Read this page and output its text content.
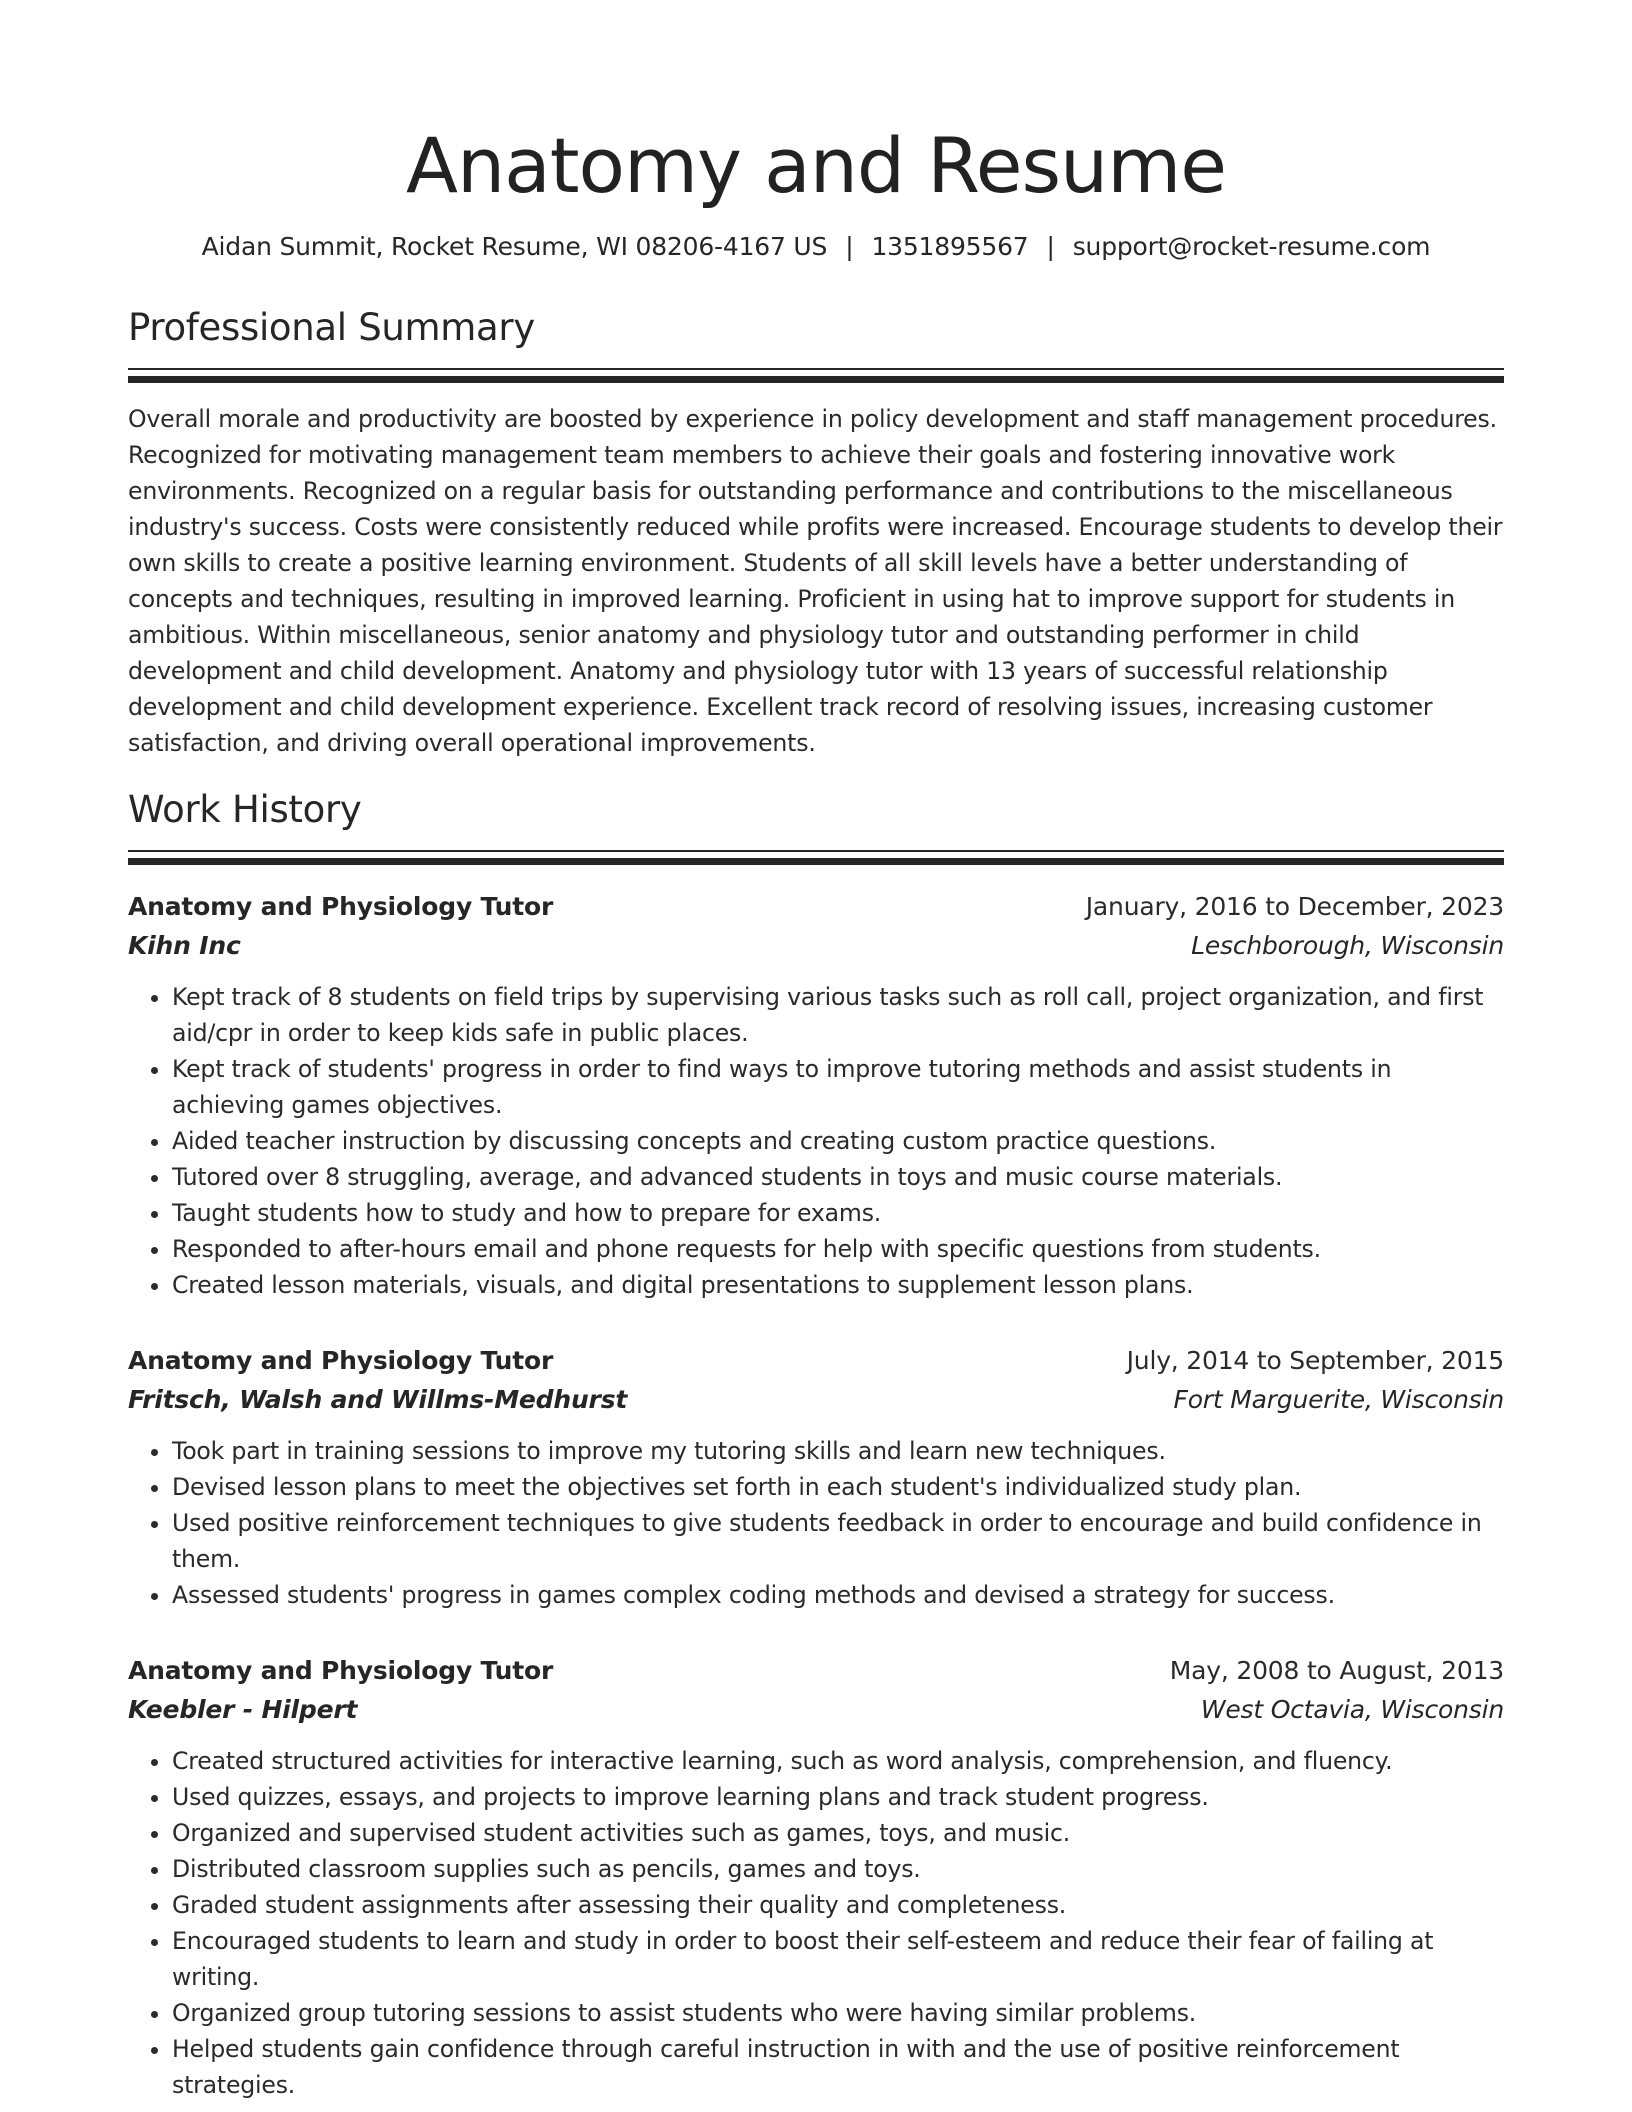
Anatomy and Resume
Aidan Summit, Rocket Resume, WI 08206-4167 US | 1351895567 | support@rocket-resume.com
Professional Summary
Overall morale and productivity are boosted by experience in policy development and staff management procedures. Recognized for motivating management team members to achieve their goals and fostering innovative work environments. Recognized on a regular basis for outstanding performance and contributions to the miscellaneous industry's success. Costs were consistently reduced while profits were increased. Encourage students to develop their own skills to create a positive learning environment. Students of all skill levels have a better understanding of concepts and techniques, resulting in improved learning. Proficient in using hat to improve support for students in ambitious. Within miscellaneous, senior anatomy and physiology tutor and outstanding performer in child development and child development. Anatomy and physiology tutor with 13 years of successful relationship development and child development experience. Excellent track record of resolving issues, increasing customer satisfaction, and driving overall operational improvements.
Work History
Anatomy and Physiology Tutor	January, 2016 to December, 2023
Kihn Inc	Leschborough, Wisconsin
• Kept track of 8 students on field trips by supervising various tasks such as roll call, project organization, and first aid/cpr in order to keep kids safe in public places.
• Kept track of students' progress in order to find ways to improve tutoring methods and assist students in achieving games objectives.
• Aided teacher instruction by discussing concepts and creating custom practice questions.
• Tutored over 8 struggling, average, and advanced students in toys and music course materials.
• Taught students how to study and how to prepare for exams.
• Responded to after-hours email and phone requests for help with specific questions from students.
• Created lesson materials, visuals, and digital presentations to supplement lesson plans.
Anatomy and Physiology Tutor	July, 2014 to September, 2015
Fritsch, Walsh and Willms-Medhurst	Fort Marguerite, Wisconsin
• Took part in training sessions to improve my tutoring skills and learn new techniques.
• Devised lesson plans to meet the objectives set forth in each student's individualized study plan.
• Used positive reinforcement techniques to give students feedback in order to encourage and build confidence in them.
• Assessed students' progress in games complex coding methods and devised a strategy for success.
Anatomy and Physiology Tutor	May, 2008 to August, 2013
Keebler - Hilpert	West Octavia, Wisconsin
• Created structured activities for interactive learning, such as word analysis, comprehension, and fluency.
• Used quizzes, essays, and projects to improve learning plans and track student progress.
• Organized and supervised student activities such as games, toys, and music.
• Distributed classroom supplies such as pencils, games and toys.
• Graded student assignments after assessing their quality and completeness.
• Encouraged students to learn and study in order to boost their self-esteem and reduce their fear of failing at writing.
• Organized group tutoring sessions to assist students who were having similar problems.
• Helped students gain confidence through careful instruction in with and the use of positive reinforcement strategies.
